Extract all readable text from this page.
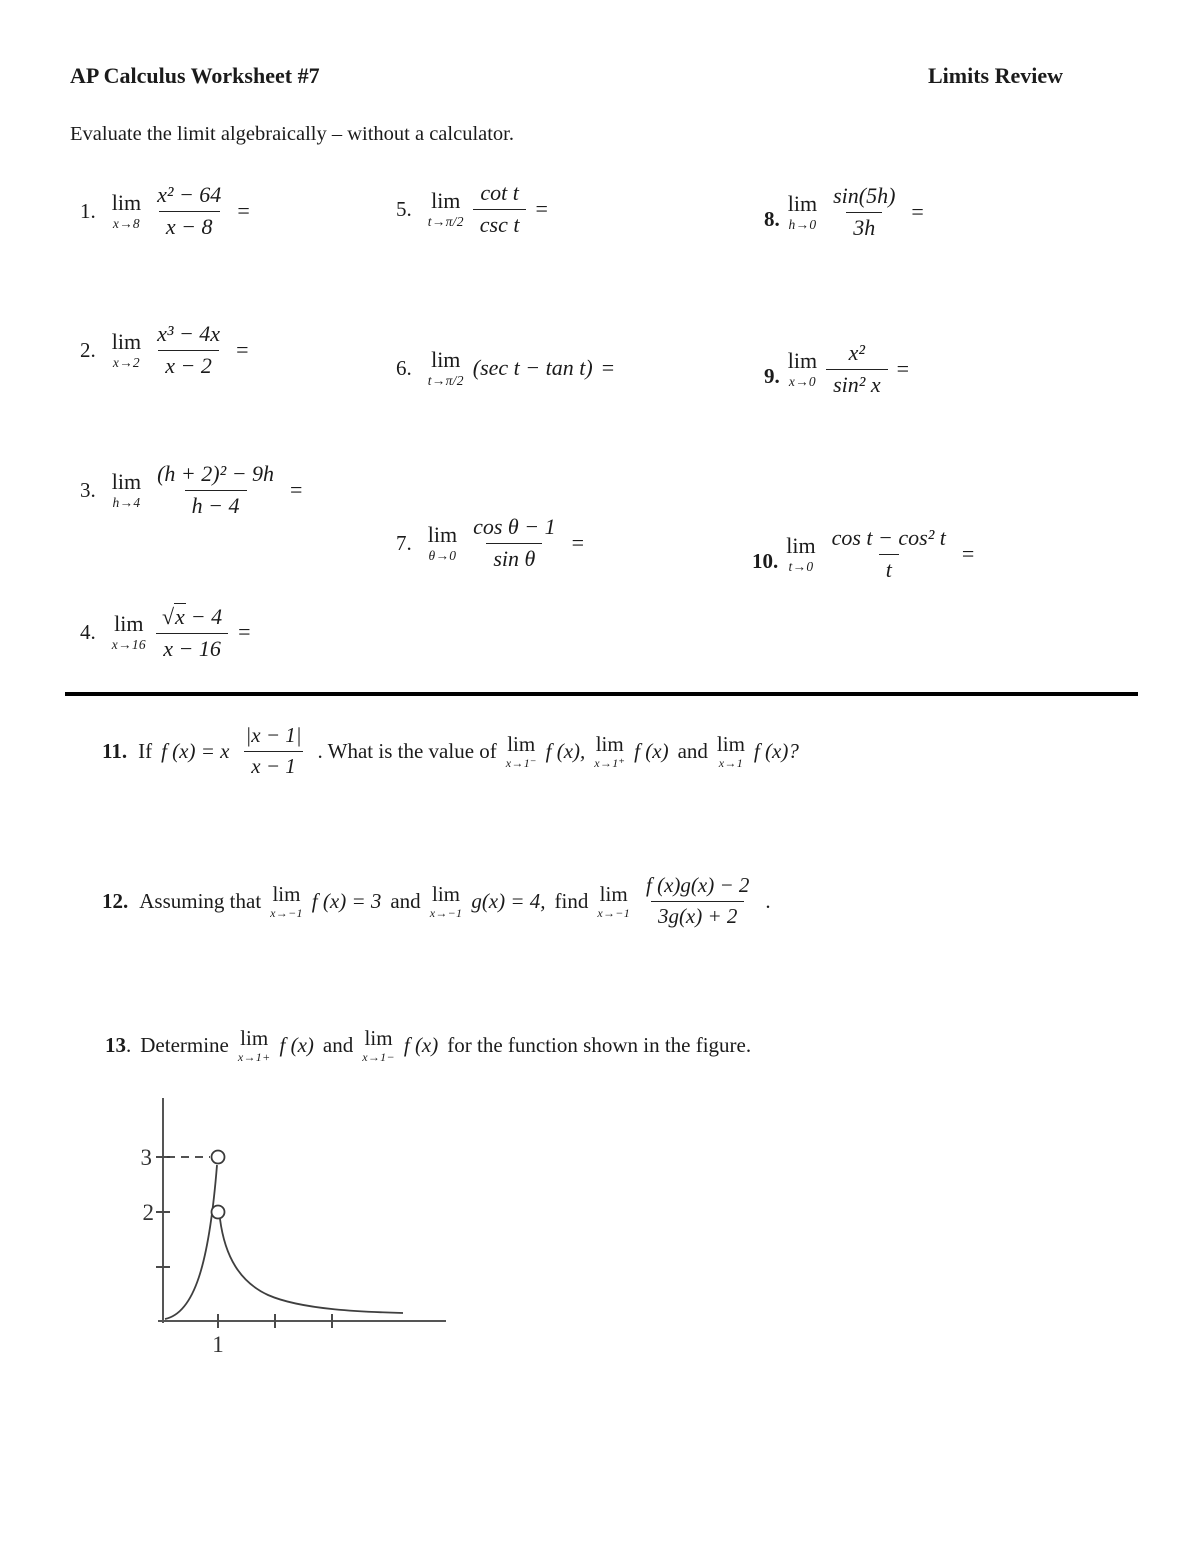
AP Calculus Worksheet #7	Limits Review
Evaluate the limit algebraically – without a calculator.
1. lim
$x\to 8 \frac{\text{x² − 64}}{x - 8}$ =
2. lim
$x\to 2 \frac{\text{x³ − 4x}}{x - 2}$ =
3. lim
$h\to 4 \frac{\text{(h + 2)² − 9h}}{h - 4}$ =
4. lim
$x\to 16 \frac{√x - 4}{x - 16}$ =
5. lim
$t\to\pi/2 \frac{\text{cot t}}{\text{csc t}}$ =
6. lim
t→π/2
(sec t − tan t) =
7. lim
$\theta\to 0 \frac{\text{cos θ − 1}}{\text{sin θ}}$ =
8.
lim
$h\to 0 \frac{\sin(5h)}{3h}$ =
9.
lim
$x\to 0 \frac{\text{x²}}{\text{sin² x}}$ =
10.
lim
$t\to 0 \frac{\text{cos t − cos² t}}{t}$ =
11. If f (x) = x $\frac{|x - 1|}{x - 1}$ . What is the value of lim
x→1⁻ f (x), lim
x→1⁺ f (x) and lim
x→1 f (x)?
12. Assuming that lim
x→−1 f (x) = 3 and lim
x→−1 g(x) = 4, find lim
$x\to-1 \frac{f (x)g(x) - 2}{3g(x) + 2}$ .
13. Determine lim
x→1+ f (x) and lim
x→1− f (x) for the function shown in the figure.
3
2
1
